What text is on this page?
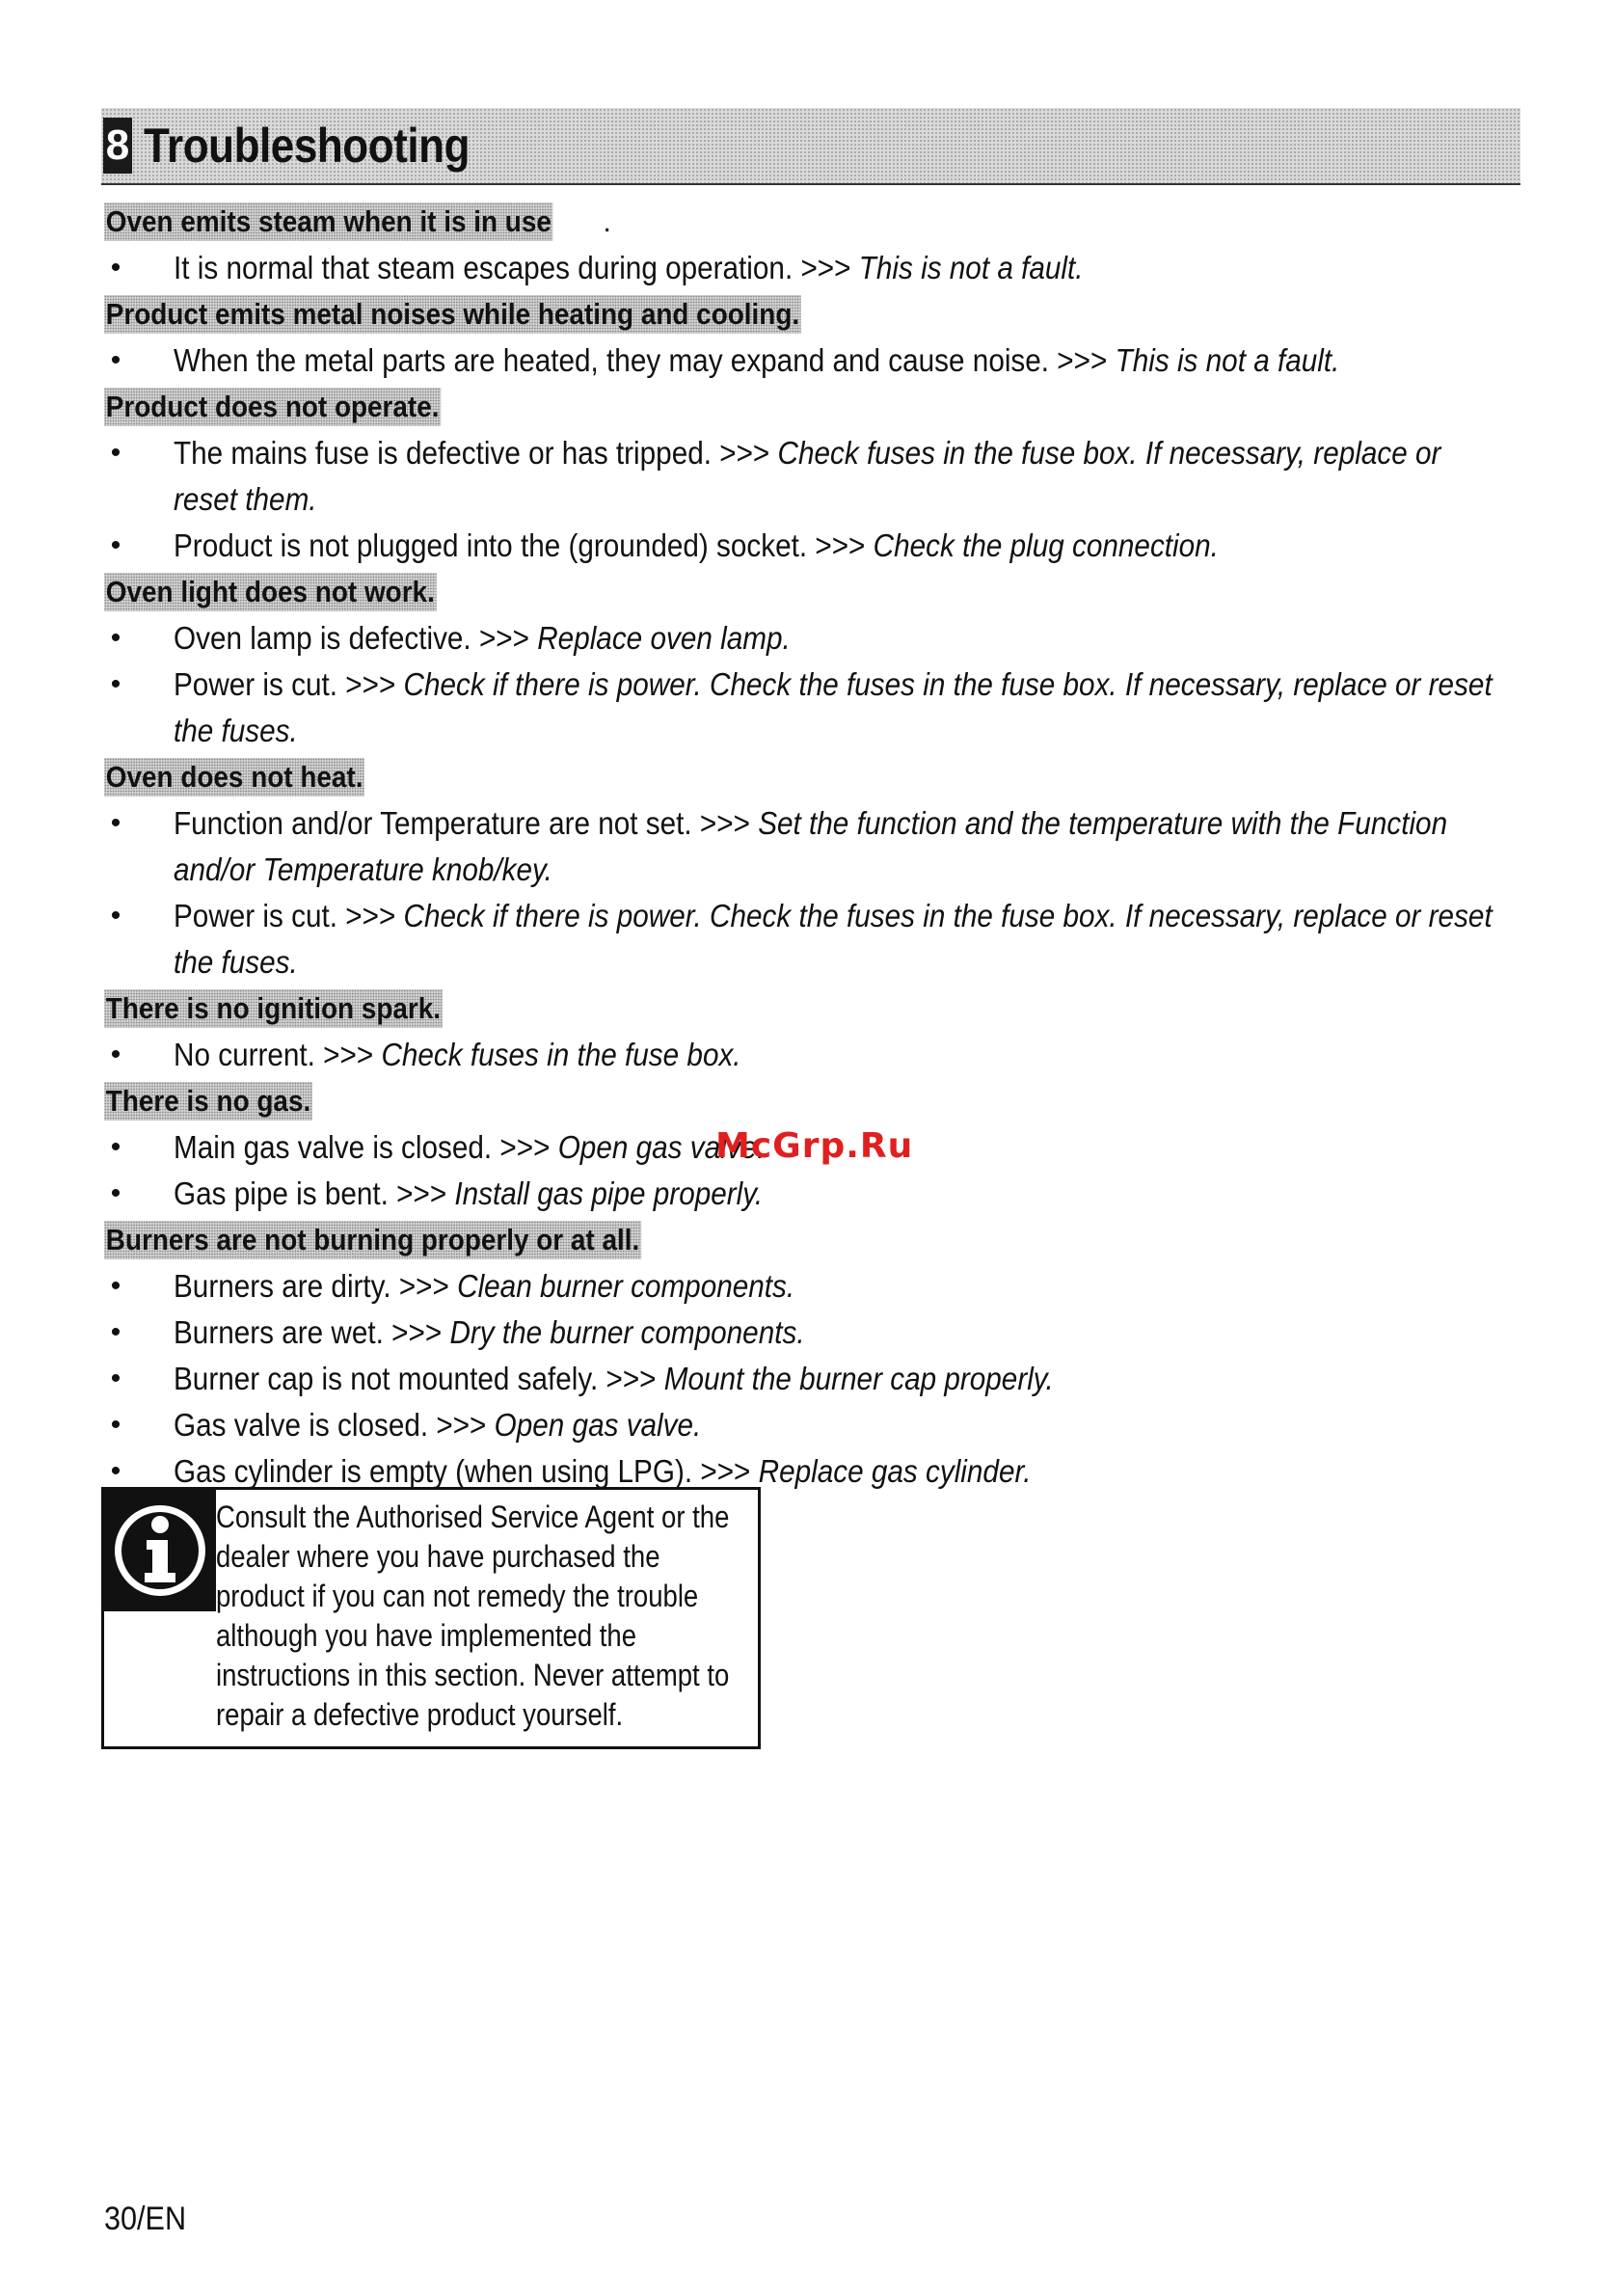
8 Troubleshooting
Oven emits steam when it is in use .
• It is normal that steam escapes during operation. >>> This is not a fault.
Product emits metal noises while heating and cooling.
• When the metal parts are heated, they may expand and cause noise. >>> This is not a fault.
Product does not operate.
• The mains fuse is defective or has tripped. >>> Check fuses in the fuse box. If necessary, replace or reset them.
• Product is not plugged into the (grounded) socket. >>> Check the plug connection.
Oven light does not work.
• Oven lamp is defective. >>> Replace oven lamp.
• Power is cut. >>> Check if there is power. Check the fuses in the fuse box. If necessary, replace or reset the fuses.
Oven does not heat.
• Function and/or Temperature are not set. >>> Set the function and the temperature with the Function and/or Temperature knob/key.
• Power is cut. >>> Check if there is power. Check the fuses in the fuse box. If necessary, replace or reset the fuses.
There is no ignition spark.
• No current. >>> Check fuses in the fuse box.
There is no gas.
• Main gas valve is closed. >>> Open gas valve.
• Gas pipe is bent. >>> Install gas pipe properly.
Burners are not burning properly or at all.
• Burners are dirty. >>> Clean burner components.
• Burners are wet. >>> Dry the burner components.
• Burner cap is not mounted safely. >>> Mount the burner cap properly.
• Gas valve is closed. >>> Open gas valve.
• Gas cylinder is empty (when using LPG). >>> Replace gas cylinder.
Consult the Authorised Service Agent or the
dealer where you have purchased the
product if you can not remedy the trouble
although you have implemented the
instructions in this section. Never attempt to
repair a defective product yourself.
McGrp.Ru
30/EN
